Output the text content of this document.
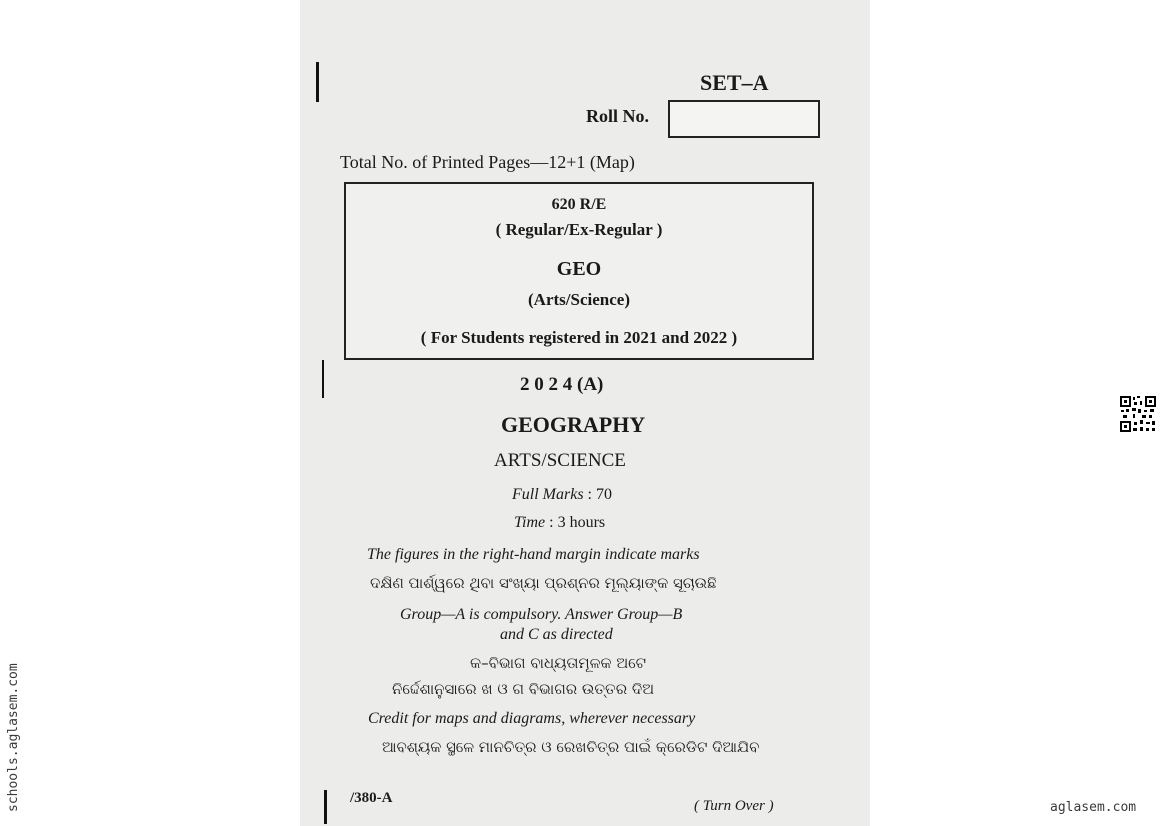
SET–A
Roll No.
Total No. of Printed Pages—12+1 (Map)
620 R/E
( Regular/Ex-Regular )
GEO
(Arts/Science)
( For Students registered in 2021 and 2022 )
2 0 2 4 (A)
GEOGRAPHY
ARTS/SCIENCE
Full Marks : 70
Time : 3 hours
The figures in the right-hand margin indicate marks
ଦକ୍ଷିଣ ପାର୍ଶ୍ୱରେ ଥିବା ସଂଖ୍ୟା ପ୍ରଶ୍ନର ମୂଲ୍ୟାଙ୍କ ସୂଚାଉଛି
Group—A is compulsory. Answer Group—B
and C as directed
କ–ବିଭାଗ ବାଧ୍ୟତାମୂଳକ ଅଟେ
ନିର୍ଦ୍ଦେଶାନୁସାରେ ଖ ଓ ଗ ବିଭାଗର ଉତ୍ତର ଦିଅ
Credit for maps and diagrams, wherever necessary
ଆବଶ୍ୟକ ସ୍ଥଳେ ମାନଚିତ୍ର ଓ ରେଖଚିତ୍ର ପାଇଁ କ୍ରେଡିଟ ଦିଆଯିବ
/380-A	( Turn Over )
schools.aglasem.com	aglasem.com
